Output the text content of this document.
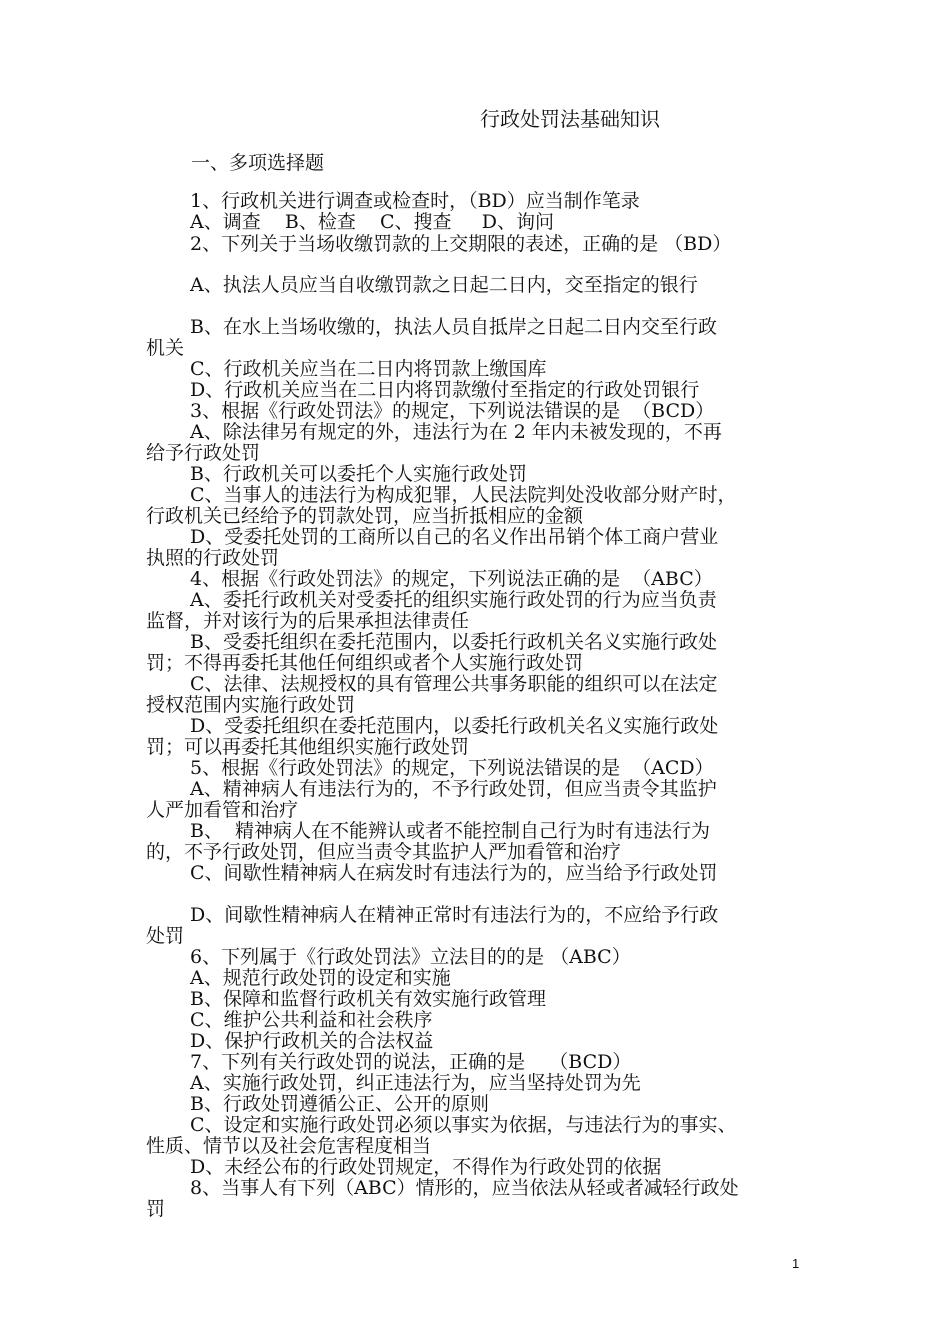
行政处罚法基础知识
一、多项选择题
1、行政机关进行调查或检查时，（BD）应当制作笔录
A、调查    B、检查    C、搜查     D、询问
2、下列关于当场收缴罚款的上交期限的表述，正确的是 （BD）
A、执法人员应当自收缴罚款之日起二日内，交至指定的银行
B、在水上当场收缴的，执法人员自抵岸之日起二日内交至行政
机关
C、行政机关应当在二日内将罚款上缴国库
D、行政机关应当在二日内将罚款缴付至指定的行政处罚银行
3、根据《行政处罚法》的规定，下列说法错误的是  （BCD）
A、除法律另有规定的外，违法行为在 2 年内未被发现的，不再
给予行政处罚
B、行政机关可以委托个人实施行政处罚
C、当事人的违法行为构成犯罪，人民法院判处没收部分财产时，
行政机关已经给予的罚款处罚，应当折抵相应的金额
D、受委托处罚的工商所以自己的名义作出吊销个体工商户营业
执照的行政处罚
4、根据《行政处罚法》的规定，下列说法正确的是  （ABC）
A、委托行政机关对受委托的组织实施行政处罚的行为应当负责
监督，并对该行为的后果承担法律责任
B、受委托组织在委托范围内，以委托行政机关名义实施行政处
罚；不得再委托其他任何组织或者个人实施行政处罚
C、法律、法规授权的具有管理公共事务职能的组织可以在法定
授权范围内实施行政处罚
D、受委托组织在委托范围内，以委托行政机关名义实施行政处
罚；可以再委托其他组织实施行政处罚
5、根据《行政处罚法》的规定，下列说法错误的是  （ACD）
A、精神病人有违法行为的，不予行政处罚，但应当责令其监护
人严加看管和治疗
B、  精神病人在不能辨认或者不能控制自己行为时有违法行为
的，不予行政处罚，但应当责令其监护人严加看管和治疗
C、间歇性精神病人在病发时有违法行为的，应当给予行政处罚
D、间歇性精神病人在精神正常时有违法行为的，不应给予行政
处罚
6、下列属于《行政处罚法》立法目的的是 （ABC）
A、规范行政处罚的设定和实施
B、保障和监督行政机关有效实施行政管理
C、维护公共利益和社会秩序
D、保护行政机关的合法权益
7、下列有关行政处罚的说法，正确的是    （BCD）
A、实施行政处罚，纠正违法行为，应当坚持处罚为先
B、行政处罚遵循公正、公开的原则
C、设定和实施行政处罚必须以事实为依据，与违法行为的事实、
性质、情节以及社会危害程度相当
D、未经公布的行政处罚规定，不得作为行政处罚的依据
8、当事人有下列（ABC）情形的，应当依法从轻或者减轻行政处
罚
1
